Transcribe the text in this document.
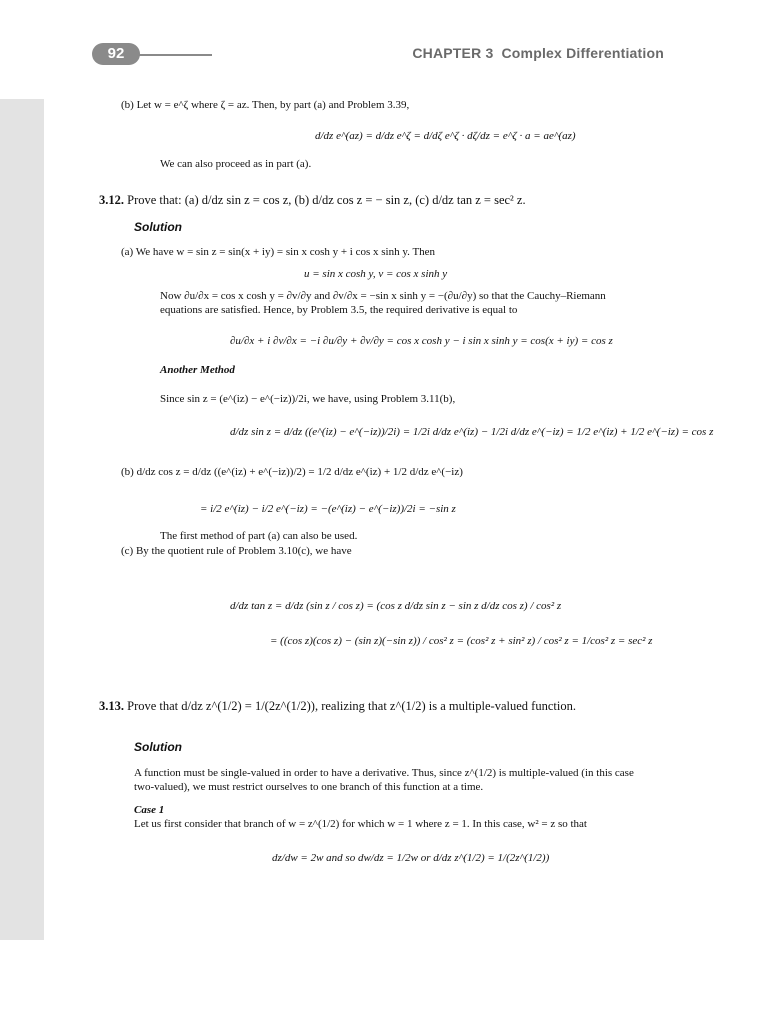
92	CHAPTER 3 Complex Differentiation
(b) Let w = e^ζ where ζ = az. Then, by part (a) and Problem 3.39,
d/dz e^(az) = d/dz e^ζ = d/dζ e^ζ · dζ/dz = e^ζ · a = ae^(az)
We can also proceed as in part (a).
3.12. Prove that: (a) d/dz sin z = cos z, (b) d/dz cos z = − sin z, (c) d/dz tan z = sec² z.
Solution
(a) We have w = sin z = sin(x + iy) = sin x cosh y + i cos x sinh y. Then
u = sin x cosh y, v = cos x sinh y
Now ∂u/∂x = cos x cosh y = ∂v/∂y and ∂v/∂x = −sin x sinh y = −(∂u/∂y) so that the Cauchy–Riemann
equations are satisfied. Hence, by Problem 3.5, the required derivative is equal to
∂u/∂x + i ∂v/∂x = −i ∂u/∂y + ∂v/∂y = cos x cosh y − i sin x sinh y = cos(x + iy) = cos z
Another Method
Since sin z = (e^(iz) − e^(−iz))/2i, we have, using Problem 3.11(b),
d/dz sin z = d/dz ((e^(iz) − e^(−iz))/2i) = 1/2i d/dz e^(iz) − 1/2i d/dz e^(−iz) = 1/2 e^(iz) + 1/2 e^(−iz) = cos z
(b) d/dz cos z = d/dz ((e^(iz) + e^(−iz))/2) = 1/2 d/dz e^(iz) + 1/2 d/dz e^(−iz)
= i/2 e^(iz) − i/2 e^(−iz) = −(e^(iz) − e^(−iz))/2i = −sin z
The first method of part (a) can also be used.
(c) By the quotient rule of Problem 3.10(c), we have
d/dz tan z = d/dz (sin z / cos z) = (cos z d/dz sin z − sin z d/dz cos z) / cos² z
= ((cos z)(cos z) − (sin z)(−sin z)) / cos² z = (cos² z + sin² z) / cos² z = 1/cos² z = sec² z
3.13. Prove that d/dz z^(1/2) = 1/(2z^(1/2)), realizing that z^(1/2) is a multiple-valued function.
Solution
A function must be single-valued in order to have a derivative. Thus, since z^(1/2) is multiple-valued (in this case
two-valued), we must restrict ourselves to one branch of this function at a time.
Case 1
Let us first consider that branch of w = z^(1/2) for which w = 1 where z = 1. In this case, w² = z so that
dz/dw = 2w and so dw/dz = 1/2w or d/dz z^(1/2) = 1/(2z^(1/2))
